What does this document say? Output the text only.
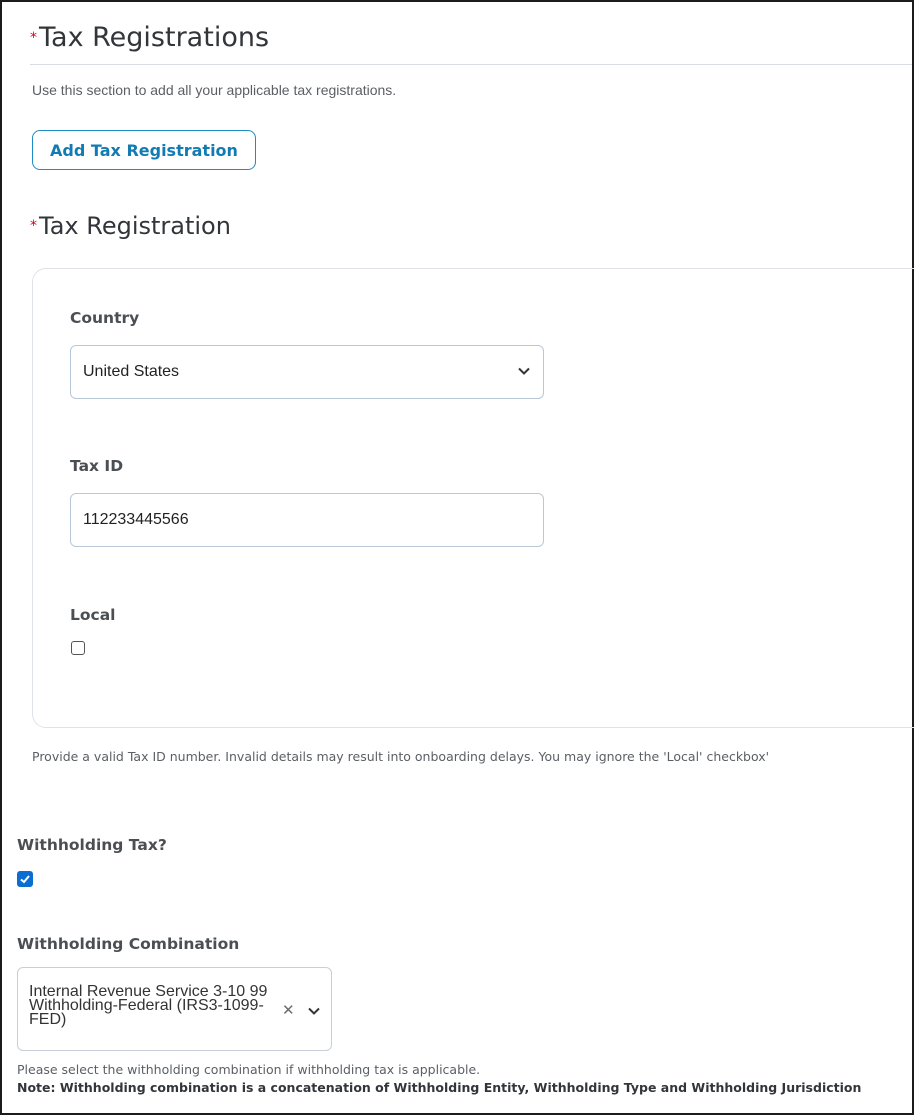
*Tax Registrations
Use this section to add all your applicable tax registrations.
Add Tax Registration
*Tax Registration
Country
United States
Tax ID
112233445566
Local
Provide a valid Tax ID number. Invalid details may result into onboarding delays. You may ignore the 'Local' checkbox'
Withholding Tax?
Withholding Combination
Internal Revenue Service 3-10 99 Withholding-Federal (IRS3-1099-FED)
✕
Please select the withholding combination if withholding tax is applicable.
Note: Withholding combination is a concatenation of Withholding Entity, Withholding Type and Withholding Jurisdiction
